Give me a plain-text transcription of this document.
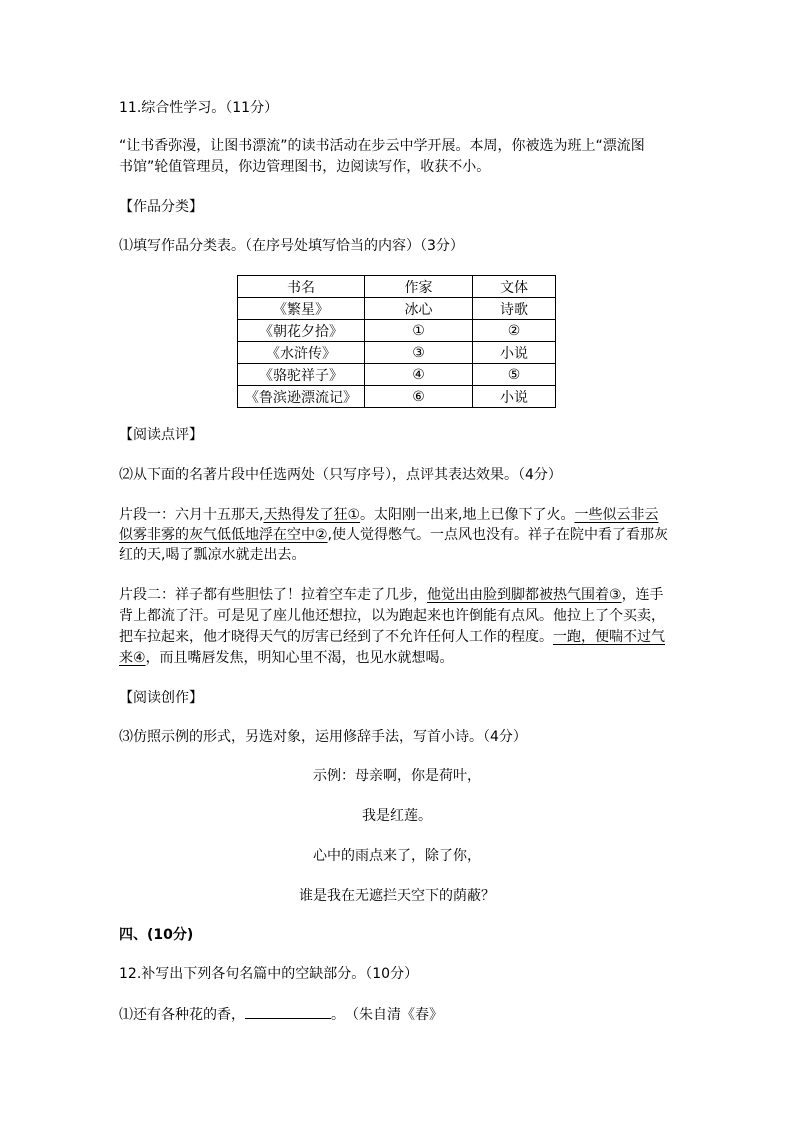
11.综合性学习。（11分）
“让书香弥漫，让图书漂流”的读书活动在步云中学开展。本周，你被选为班上“漂流图
书馆”轮值管理员，你边管理图书，边阅读写作，收获不小。
【作品分类】
⑴填写作品分类表。（在序号处填写恰当的内容）（3分）
书名	作家	文体
《繁星》	冰心	诗歌
《朝花夕拾》	①	②
《水浒传》	③	小说
《骆驼祥子》	④	⑤
《鲁滨逊漂流记》	⑥	小说
【阅读点评】
⑵从下面的名著片段中任选两处（只写序号），点评其表达效果。（4分）
片段一：六月十五那天,天热得发了狂①。太阳刚一出来,地上已像下了火。一些似云非云
似雾非雾的灰气低低地浮在空中②,使人觉得憋气。一点风也没有。祥子在院中看了看那灰
红的天,喝了瓢凉水就走出去。
片段二：祥子都有些胆怯了！拉着空车走了几步，他觉出由脸到脚都被热气围着③，连手
背上都流了汗。可是见了座儿他还想拉，以为跑起来也许倒能有点风。他拉上了个买卖，
把车拉起来，他才晓得天气的厉害已经到了不允许任何人工作的程度。一跑，便喘不过气
来④，而且嘴唇发焦，明知心里不渴，也见水就想喝。
【阅读创作】
⑶仿照示例的形式，另选对象，运用修辞手法，写首小诗。（4分）
示例：母亲啊，你是荷叶，
我是红莲。
心中的雨点来了，除了你，
谁是我在无遮拦天空下的荫蔽？
四、(10分)
12.补写出下列各句名篇中的空缺部分。（10分）
⑴还有各种花的香，	。　（朱自清《春》
